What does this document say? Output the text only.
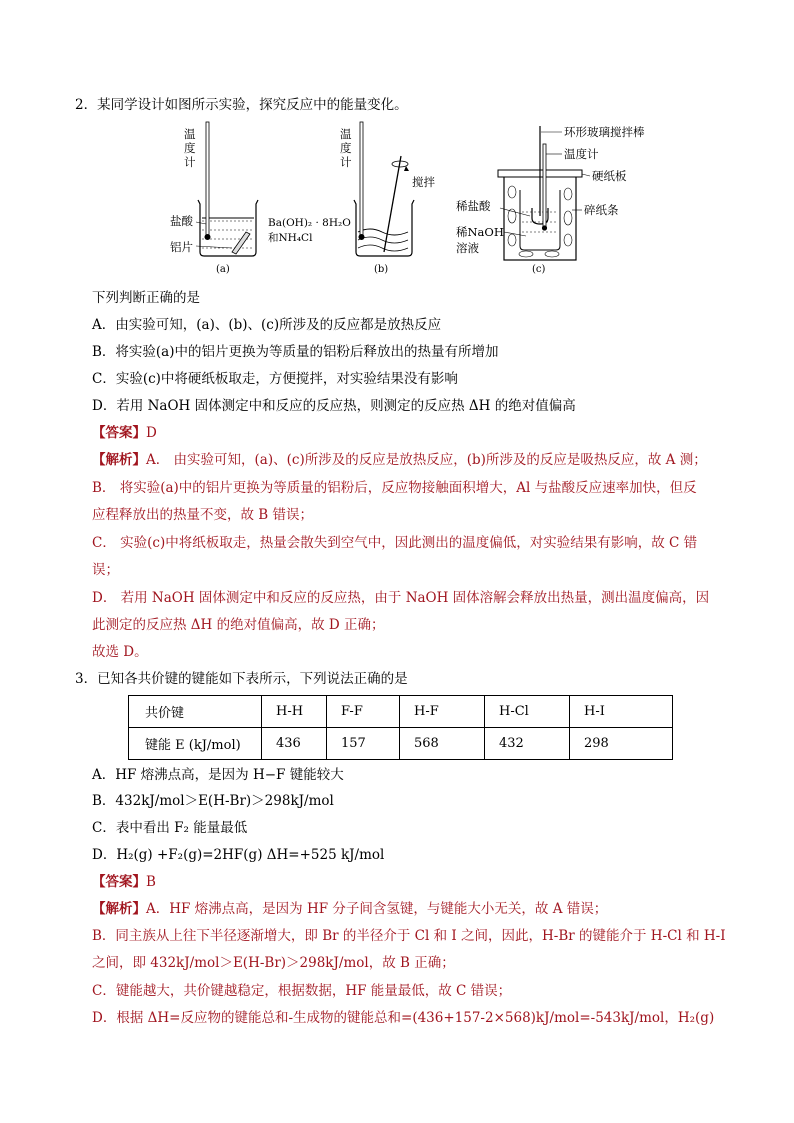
2．某同学设计如图所示实验，探究反应中的能量变化。
温
度
计
盐酸
铝片
(a)
温
度
计
搅拌
Ba(OH)₂ · 8H₂O
和NH₄Cl
(b)
环形玻璃搅拌棒
温度计
硬纸板
稀盐酸	碎纸条
稀NaOH
溶液
(c)
下列判断正确的是
A．由实验可知，(a)、(b)、(c)所涉及的反应都是放热反应
B．将实验(a)中的铝片更换为等质量的铝粉后释放出的热量有所增加
C．实验(c)中将硬纸板取走，方便搅拌，对实验结果没有影响
D．若用 NaOH 固体测定中和反应的反应热，则测定的反应热 ΔH 的绝对值偏高
【答案】D
【解析】A． 由实验可知，(a)、(c)所涉及的反应是放热反应，(b)所涉及的反应是吸热反应，故 A 测；
B． 将实验(a)中的铝片更换为等质量的铝粉后，反应物接触面积增大，Al 与盐酸反应速率加快，但反
应程释放出的热量不变，故 B 错误；
C． 实验(c)中将纸板取走，热量会散失到空气中，因此测出的温度偏低，对实验结果有影响，故 C 错
误；
D． 若用 NaOH 固体测定中和反应的反应热，由于 NaOH 固体溶解会释放出热量，测出温度偏高，因
此测定的反应热 ΔH 的绝对值偏高，故 D 正确；
故选 D。
3．已知各共价键的键能如下表所示，下列说法正确的是
共价键	H-H	F-F	H-F	H-Cl	H-I
键能 E (kJ/mol)	436	157	568	432	298
A．HF 熔沸点高，是因为 H−F 键能较大
B．432kJ/mol＞E(H-Br)＞298kJ/mol
C．表中看出 F₂ 能量最低
D．H₂(g) +F₂(g)=2HF(g) ΔH=+525 kJ/mol
【答案】B
【解析】A．HF 熔沸点高，是因为 HF 分子间含氢键，与键能大小无关，故 A 错误；
B．同主族从上往下半径逐渐增大，即 Br 的半径介于 Cl 和 I 之间，因此，H-Br 的键能介于 H-Cl 和 H-I
之间，即 432kJ/mol＞E(H-Br)＞298kJ/mol，故 B 正确；
C．键能越大，共价键越稳定，根据数据，HF 能量最低，故 C 错误；
D．根据 ΔH=反应物的键能总和-生成物的键能总和=(436+157-2×568)kJ/mol=-543kJ/mol，H₂(g)
